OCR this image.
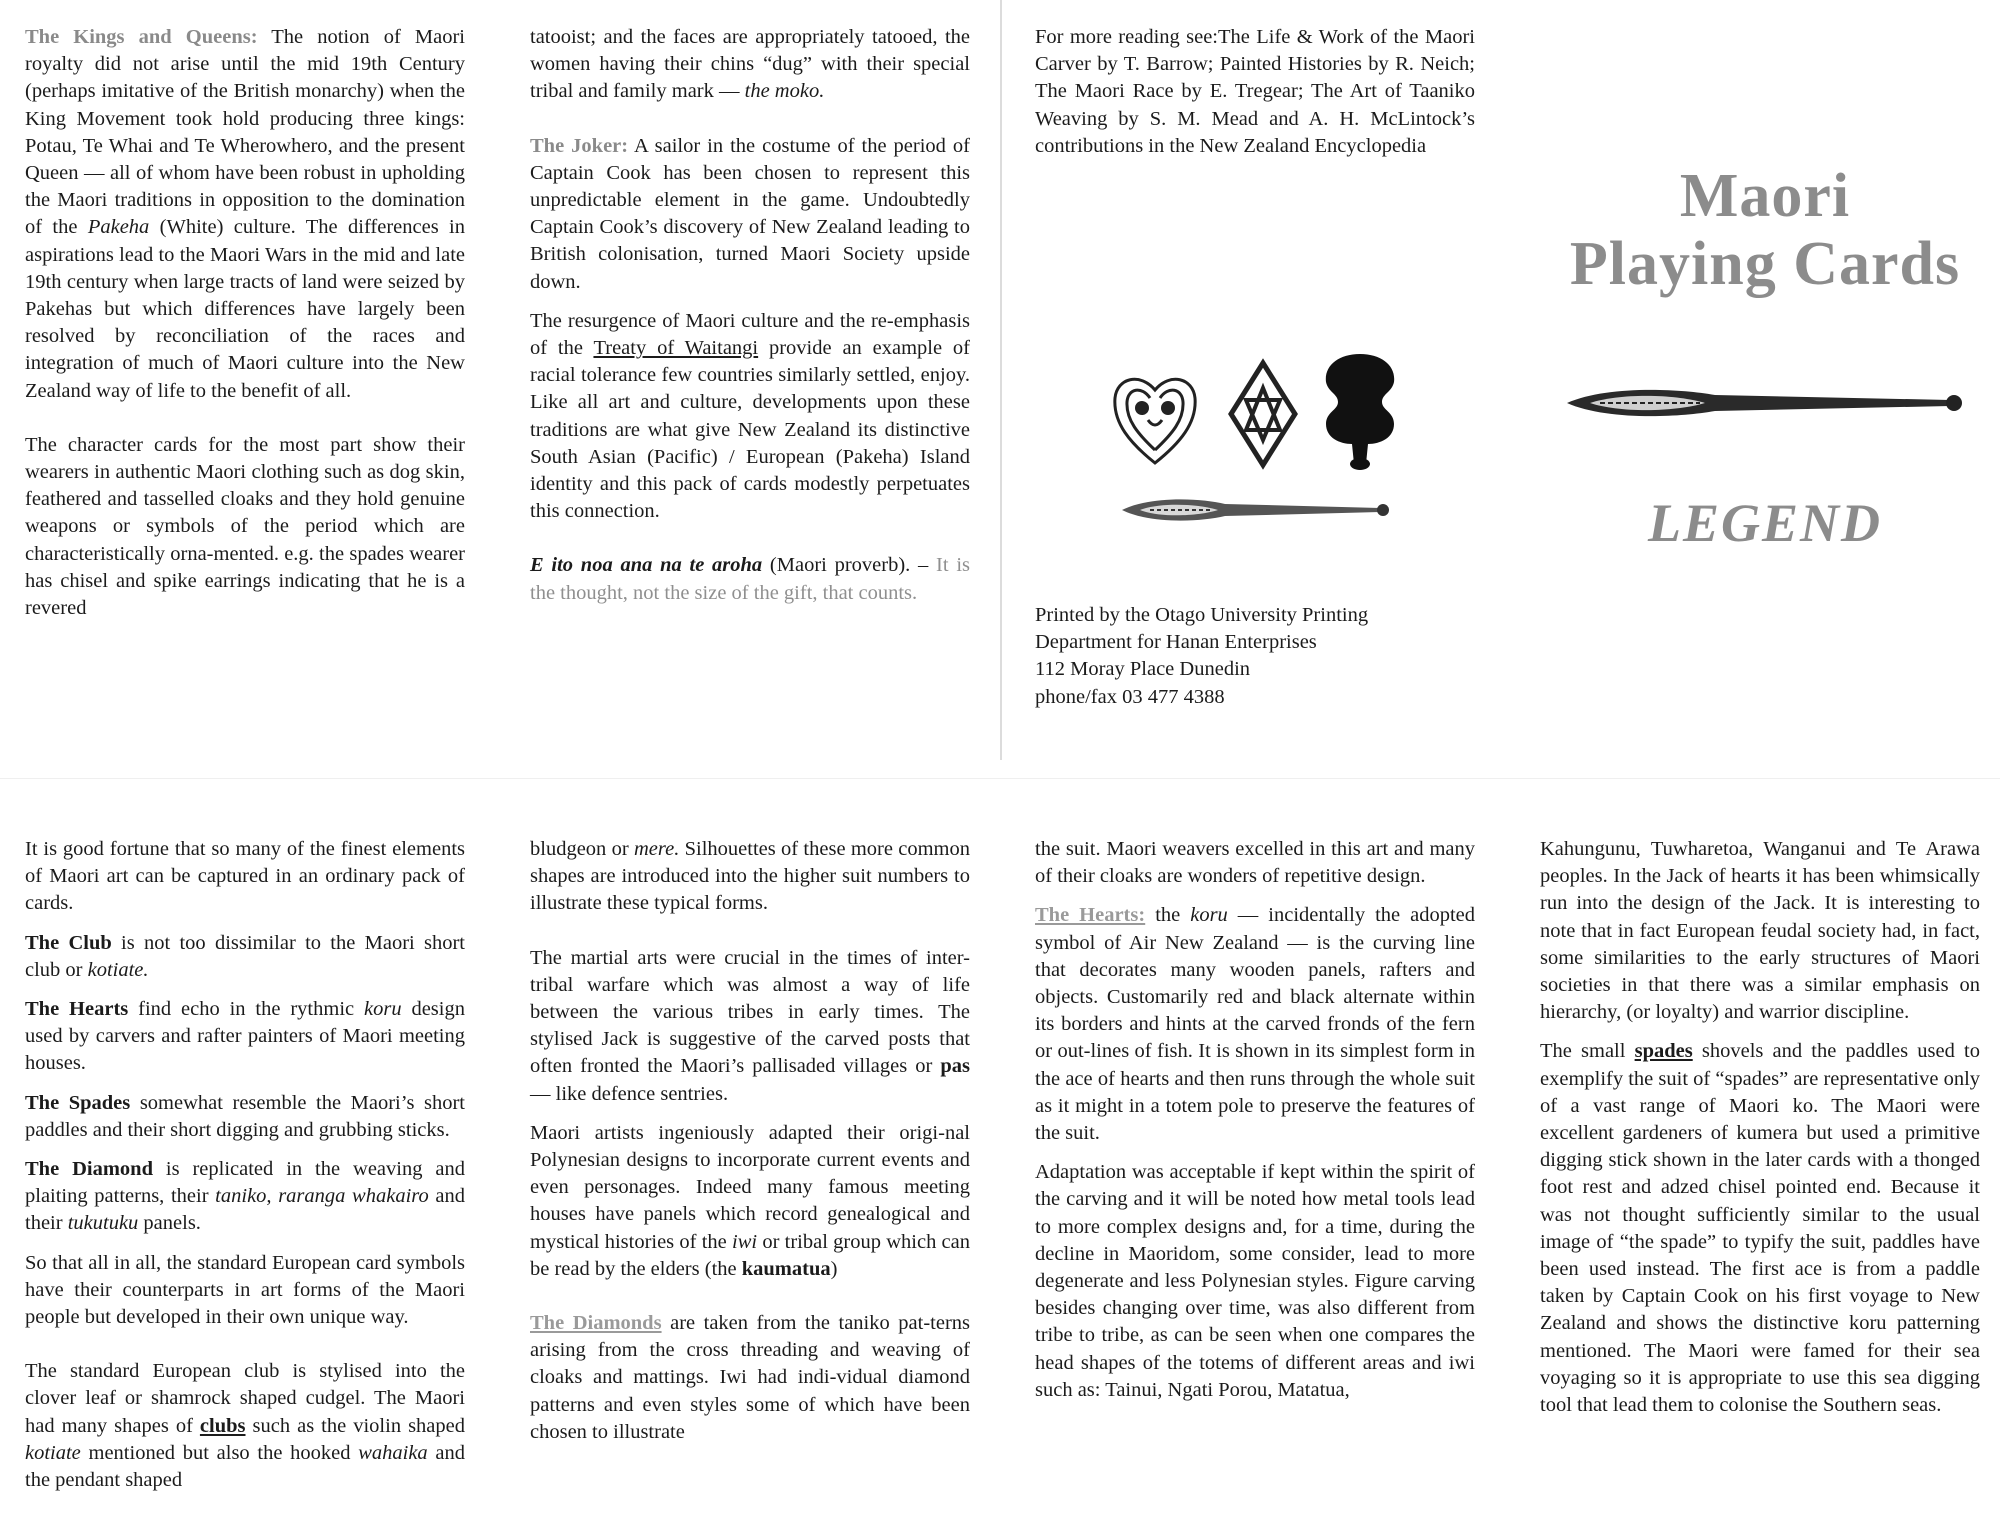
The Kings and Queens: The notion of Maori royalty did not arise until the mid 19th Century (perhaps imitative of the British monarchy) when the King Movement took hold producing three kings: Potau, Te Whai and Te Wherowhero, and the present Queen — all of whom have been robust in upholding the Maori traditions in opposition to the domination of the Pakeha (White) culture. The differences in aspirations lead to the Maori Wars in the mid and late 19th century when large tracts of land were seized by Pakehas but which differences have largely been resolved by reconciliation of the races and integration of much of Maori culture into the New Zealand way of life to the benefit of all.

The character cards for the most part show their wearers in authentic Maori clothing such as dog skin, feathered and tasselled cloaks and they hold genuine weapons or symbols of the period which are characteristically orna-mented. e.g. the spades wearer has chisel and spike earrings indicating that he is a revered

tatooist; and the faces are appropriately tatooed, the women having their chins “dug” with their special tribal and family mark — the moko.

The Joker: A sailor in the costume of the period of Captain Cook has been chosen to represent this unpredictable element in the game. Undoubtedly Captain Cook’s discovery of New Zealand leading to British colonisation, turned Maori Society upside down.

The resurgence of Maori culture and the re-emphasis of the Treaty of Waitangi provide an example of racial tolerance few countries similarly settled, enjoy. Like all art and culture, developments upon these traditions are what give New Zealand its distinctive South Asian (Pacific) / European (Pakeha) Island identity and this pack of cards modestly perpetuates this connection.

E ito noa ana na te aroha (Maori proverb). – It is the thought, not the size of the gift, that counts.

For more reading see:The Life & Work of the Maori Carver by T. Barrow; Painted Histories by R. Neich; The Maori Race by E. Tregear; The Art of Taaniko Weaving by S. M. Mead and A. H. McLintock’s contributions in the New Zealand Encyclopedia

Printed by the Otago University Printing

Department for Hanan Enterprises

112 Moray Place Dunedin

phone/fax 03 477 4388

Maori
Playing Cards
LEGEND

It is good fortune that so many of the finest elements of Maori art can be captured in an ordinary pack of cards.

The Club is not too dissimilar to the Maori short club or kotiate.

The Hearts find echo in the rythmic koru design used by carvers and rafter painters of Maori meeting houses.

The Spades somewhat resemble the Maori’s short paddles and their short digging and grubbing sticks.

The Diamond is replicated in the weaving and plaiting patterns, their taniko, raranga whakairo and their tukutuku panels.

So that all in all, the standard European card symbols have their counterparts in art forms of the Maori people but developed in their own unique way.

The standard European club is stylised into the clover leaf or shamrock shaped cudgel. The Maori had many shapes of clubs such as the violin shaped kotiate mentioned but also the hooked wahaika and the pendant shaped

bludgeon or mere. Silhouettes of these more common shapes are introduced into the higher suit numbers to illustrate these typical forms.

The martial arts were crucial in the times of inter-tribal warfare which was almost a way of life between the various tribes in early times. The stylised Jack is suggestive of the carved posts that often fronted the Maori’s pallisaded villages or pas — like defence sentries.

Maori artists ingeniously adapted their origi-nal Polynesian designs to incorporate current events and even personages. Indeed many famous meeting houses have panels which record genealogical and mystical histories of the iwi or tribal group which can be read by the elders (the kaumatua)

The Diamonds are taken from the taniko pat-terns arising from the cross threading and weaving of cloaks and mattings. Iwi had indi-vidual diamond patterns and even styles some of which have been chosen to illustrate

the suit. Maori weavers excelled in this art and many of their cloaks are wonders of repetitive design.

The Hearts: the koru — incidentally the adopted symbol of Air New Zealand — is the curving line that decorates many wooden panels, rafters and objects. Customarily red and black alternate within its borders and hints at the carved fronds of the fern or out-lines of fish. It is shown in its simplest form in the ace of hearts and then runs through the whole suit as it might in a totem pole to preserve the features of the suit.

Adaptation was acceptable if kept within the spirit of the carving and it will be noted how metal tools lead to more complex designs and, for a time, during the decline in Maoridom, some consider, lead to more degenerate and less Polynesian styles. Figure carving besides changing over time, was also different from tribe to tribe, as can be seen when one compares the head shapes of the totems of different areas and iwi such as: Tainui, Ngati Porou, Matatua,

Kahungunu, Tuwharetoa, Wanganui and Te Arawa peoples. In the Jack of hearts it has been whimsically run into the design of the Jack. It is interesting to note that in fact European feudal society had, in fact, some similarities to the early structures of Maori societies in that there was a similar emphasis on hierarchy, (or loyalty) and warrior discipline.

The small spades shovels and the paddles used to exemplify the suit of “spades” are representative only of a vast range of Maori ko. The Maori were excellent gardeners of kumera but used a primitive digging stick shown in the later cards with a thonged foot rest and adzed chisel pointed end. Because it was not thought sufficiently similar to the usual image of “the spade” to typify the suit, paddles have been used instead. The first ace is from a paddle taken by Captain Cook on his first voyage to New Zealand and shows the distinctive koru patterning mentioned. The Maori were famed for their sea voyaging so it is appropriate to use this sea digging tool that lead them to colonise the Southern seas.
